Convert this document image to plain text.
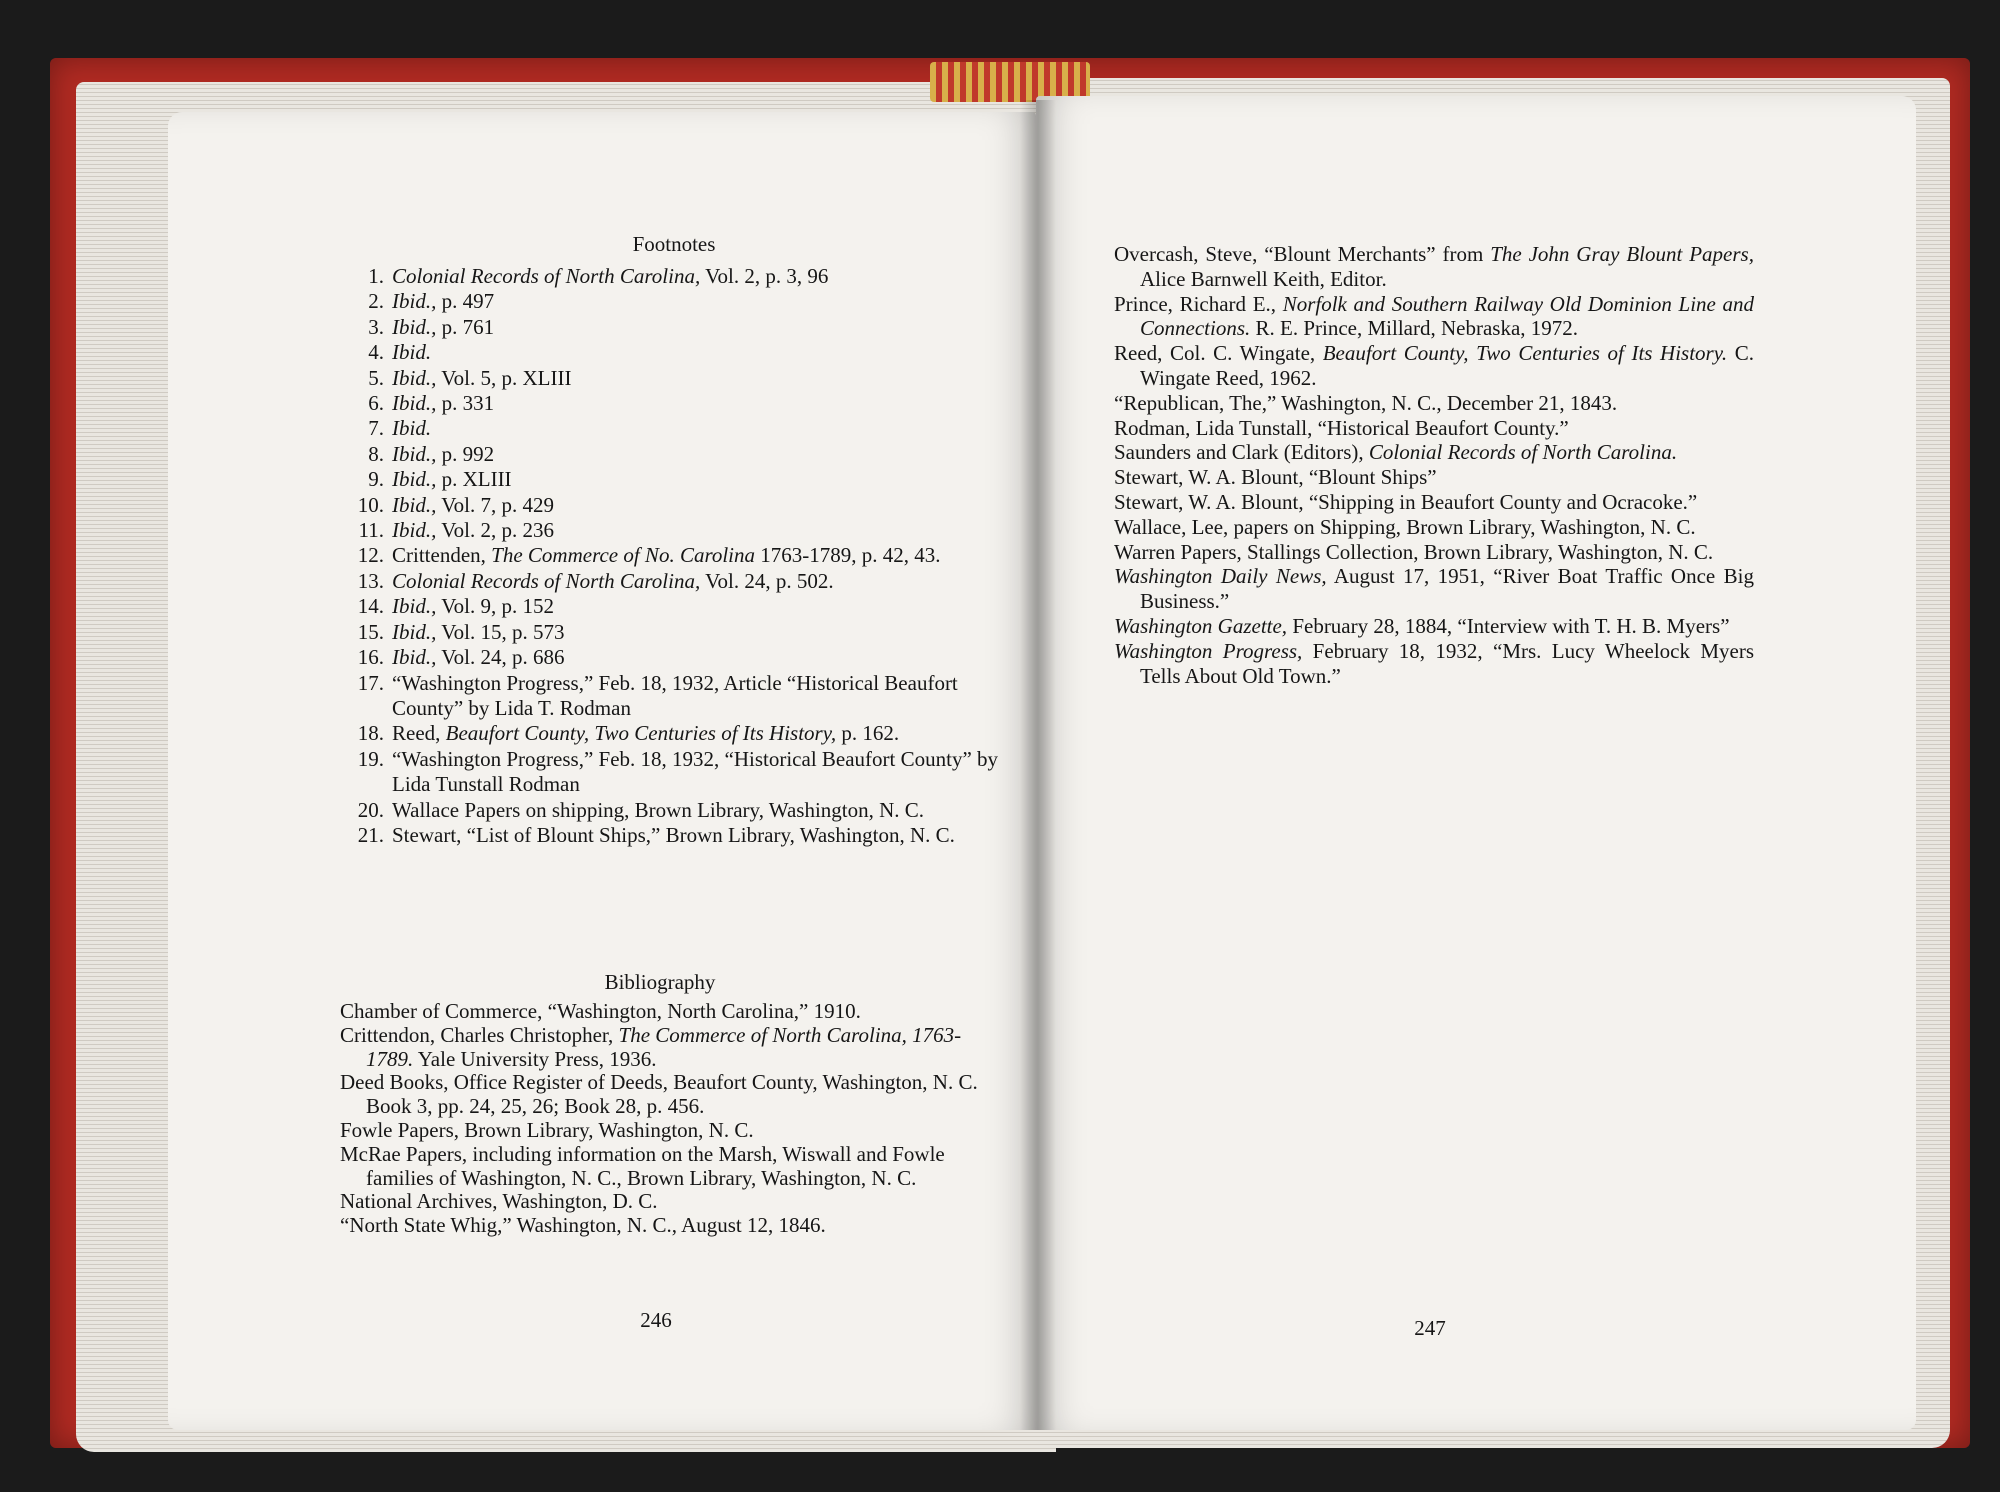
Footnotes
1. Colonial Records of North Carolina, Vol. 2, p. 3, 96
2. Ibid., p. 497
3. Ibid., p. 761
4. Ibid.
5. Ibid., Vol. 5, p. XLIII
6. Ibid., p. 331
7. Ibid.
8. Ibid., p. 992
9. Ibid., p. XLIII
10. Ibid., Vol. 7, p. 429
11. Ibid., Vol. 2, p. 236
12. Crittenden, The Commerce of No. Carolina 1763-1789, p. 42, 43.
13. Colonial Records of North Carolina, Vol. 24, p. 502.
14. Ibid., Vol. 9, p. 152
15. Ibid., Vol. 15, p. 573
16. Ibid., Vol. 24, p. 686
17. “Washington Progress,” Feb. 18, 1932, Article “Historical Beaufort County” by Lida T. Rodman
18. Reed, Beaufort County, Two Centuries of Its History, p. 162.
19. “Washington Progress,” Feb. 18, 1932, “Historical Beaufort County” by Lida Tunstall Rodman
20. Wallace Papers on shipping, Brown Library, Washington, N. C.
21. Stewart, “List of Blount Ships,” Brown Library, Washington, N. C.
Bibliography
Chamber of Commerce, “Washington, North Carolina,” 1910.
Crittendon, Charles Christopher, The Commerce of North Carolina, 1763-1789. Yale University Press, 1936.
Deed Books, Office Register of Deeds, Beaufort County, Washington, N. C. Book 3, pp. 24, 25, 26; Book 28, p. 456.
Fowle Papers, Brown Library, Washington, N. C.
McRae Papers, including information on the Marsh, Wiswall and Fowle families of Washington, N. C., Brown Library, Washington, N. C.
National Archives, Washington, D. C.
“North State Whig,” Washington, N. C., August 12, 1846.
246
Overcash, Steve, “Blount Merchants” from The John Gray Blount Papers, Alice Barnwell Keith, Editor.
Prince, Richard E., Norfolk and Southern Railway Old Dominion Line and Connections. R. E. Prince, Millard, Nebraska, 1972.
Reed, Col. C. Wingate, Beaufort County, Two Centuries of Its History. C. Wingate Reed, 1962.
“Republican, The,” Washington, N. C., December 21, 1843.
Rodman, Lida Tunstall, “Historical Beaufort County.”
Saunders and Clark (Editors), Colonial Records of North Carolina.
Stewart, W. A. Blount, “Blount Ships”
Stewart, W. A. Blount, “Shipping in Beaufort County and Ocracoke.”
Wallace, Lee, papers on Shipping, Brown Library, Washington, N. C.
Warren Papers, Stallings Collection, Brown Library, Washington, N. C.
Washington Daily News, August 17, 1951, “River Boat Traffic Once Big Business.”
Washington Gazette, February 28, 1884, “Interview with T. H. B. Myers”
Washington Progress, February 18, 1932, “Mrs. Lucy Wheelock Myers Tells About Old Town.”
247
